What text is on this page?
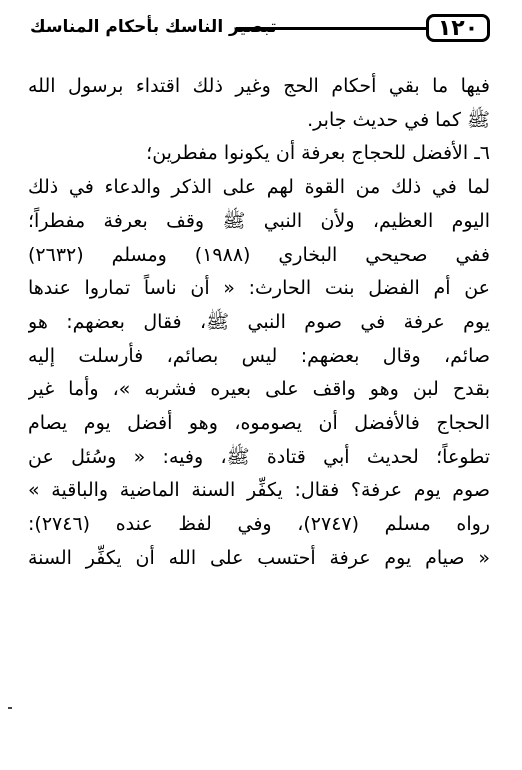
١٢٠
تبصير الناسك بأحكام المناسك
فيها ما بقي أحكام الحج وغير ذلك اقتداء برسول الله
ﷺ كما في حديث جابر.
٦ـ الأفضل للحجاج بعرفة أن يكونوا مفطرين؛
لما في ذلك من القوة لهم على الذكر والدعاء في ذلك
اليوم العظيم، ولأن النبي ﷺ وقف بعرفة مفطراً؛
ففي صحيحي البخاري (١٩٨٨) ومسلم (٢٦٣٢)
عن أم الفضل بنت الحارث: « أن ناساً تماروا عندها
يوم عرفة في صوم النبي ﷺ، فقال بعضهم: هو
صائم، وقال بعضهم: ليس بصائم، فأرسلت إليه
بقدح لبن وهو واقف على بعيره فشربه »، وأما غير
الحجاج فالأفضل أن يصوموه، وهو أفضل يوم يصام
تطوعاً؛ لحديث أبي قتادة ﷺ، وفيه: « وسُئل عن
صوم يوم عرفة؟ فقال: يكفِّر السنة الماضية والباقية »
رواه مسلم (٢٧٤٧)، وفي لفظ عنده (٢٧٤٦):
« صيام يوم عرفة أحتسب على الله أن يكفِّر السنة
